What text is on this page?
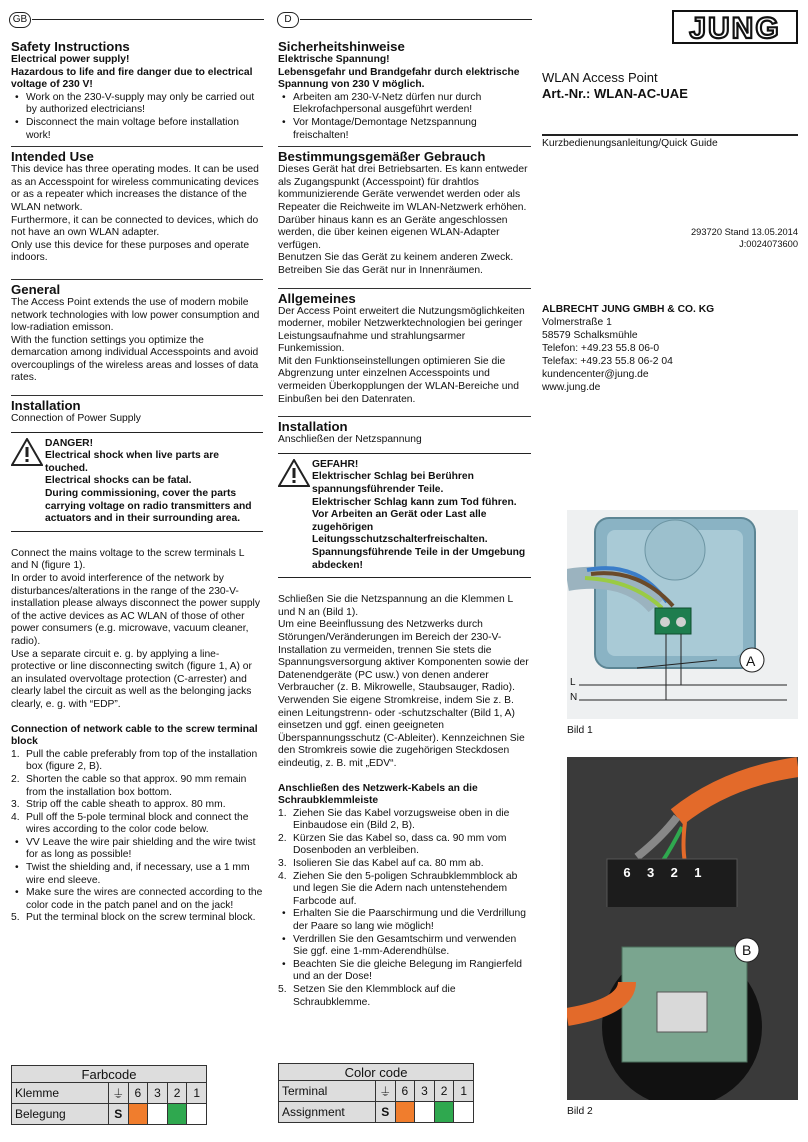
GB
Safety Instructions

Electrical power supply!

Hazardous to life and fire danger due to electrical voltage of 230 V!

• Work on the 230-V-supply may only be carried out by authorized electricians!
• Disconnect the main voltage before installation work!
Intended Use

This device has three operating modes. It can be used as an Accesspoint for wireless communicating devices or as a repeater which increases the distance of the WLAN network.

Furthermore, it can be connected to devices, which do not have an own WLAN adapter.

Only use this device for these purposes and operate indoors.

General

The Access Point extends the use of modern mobile network technologies with low power consumption and low-radiation emisson.

With the function settings you optimize the demarcation among individual Accesspoints and avoid overcouplings of the wireless areas and losses of data rates.

Installation

Connection of Power Supply

DANGER!
Electrical shock when live parts are touched.
Electrical shocks can be fatal.
During commissioning, cover the parts carrying voltage on radio transmitters and actuators and in their surrounding area.

Connect the mains voltage to the screw terminals L and N (figure 1).

In order to avoid interference of the network by disturbances/alterations in the range of the 230-V-installation please always disconnect the power supply of the active devices as AC WLAN of those of other power consumers (e.g. microwave, vacuum cleaner, radio).

Use a separate circuit e. g. by applying a line-protective or line disconnecting switch (figure 1, A) or an insulated overvoltage protection (C-arrester) and clearly label the circuit as well as the belonging jacks clearly, e. g. with “EDP”.

Connection of network cable to the screw terminal block

1. Pull the cable preferably from top of the installation box (figure 2, B).
2. Shorten the cable so that approx. 90 mm remain from the installation box bottom.
3. Strip off the cable sheath to approx. 80 mm.
4. Pull off the 5-pole terminal block and connect the wires according to the color code below.
• VV Leave the wire pair shielding and the wire twist for as long as possible!
• Twist the shielding and, if necessary, use a 1 mm wire end sleeve.
• Make sure the wires are connected according to the color code in the patch panel and on the jack!
5. Put the terminal block on the screw terminal block.
Farbcode					
Klemme	⏚	6	3	2	1
Belegung	S				
D
Sicherheitshinweise

Elektrische Spannung!

Lebensgefahr und Brandgefahr durch elektrische Spannung von 230 V möglich.

• Arbeiten am 230-V-Netz dürfen nur durch Elekrofachpersonal ausgeführt werden!
• Vor Montage/Demontage Netzspannung freischalten!
Bestimmungsgemäßer Gebrauch

Dieses Gerät hat drei Betriebsarten. Es kann entweder als Zugangspunkt (Accesspoint) für drahtlos kommunizierende Geräte verwendet werden oder als Repeater die Reichweite im WLAN-Netzwerk erhöhen. Darüber hinaus kann es an Geräte angeschlossen werden, die über keinen eigenen WLAN-Adapter verfügen.

Benutzen Sie das Gerät zu keinem anderen Zweck. Betreiben Sie das Gerät nur in Innenräumen.

Allgemeines

Der Access Point erweitert die Nutzungsmöglichkeiten moderner, mobiler Netzwerktechnologien bei geringer Leistungsaufnahme und strahlungsarmer Funkemission.

Mit den Funktionseinstellungen optimieren Sie die Abgrenzung unter einzelnen Accesspoints und vermeiden Überkopplungen der WLAN-Bereiche und Einbußen bei den Datenraten.

Installation

Anschließen der Netzspannung

GEFAHR!
Elektrischer Schlag bei Berühren spannungsführender Teile.
Elektrischer Schlag kann zum Tod führen.
Vor Arbeiten an Gerät oder Last alle zugehörigen Leitungsschutzschalterfreischalten. Spannungsführende Teile in der Umgebung abdecken!

Schließen Sie die Netzspannung an die Klemmen L und N an (Bild 1).

Um eine Beeinflussung des Netzwerks durch Störungen/Veränderungen im Bereich der 230-V-Installation zu vermeiden, trennen Sie stets die Spannungsversorgung aktiver Komponenten sowie der Datenendgeräte (PC usw.) von denen anderer Verbraucher (z. B. Mikrowelle, Staubsauger, Radio). Verwenden Sie eigene Stromkreise, indem Sie z. B. einen Leitungstrenn- oder -schutzschalter (Bild 1, A) einsetzen und ggf. einen geeigneten Überspannungsschutz (C-Ableiter). Kennzeichnen Sie den Stromkreis sowie die zugehörigen Steckdosen eindeutig, z. B. mit „EDV“.

Anschließen des Netzwerk-Kabels an die Schraubklemmleiste

1. Ziehen Sie das Kabel vorzugsweise oben in die Einbaudose ein (Bild 2, B).
2. Kürzen Sie das Kabel so, dass ca. 90 mm vom Dosenboden an verbleiben.
3. Isolieren Sie das Kabel auf ca. 80 mm ab.
4. Ziehen Sie den 5-poligen Schraubklemmblock ab und legen Sie die Adern nach untenstehendem Farbcode auf.
• Erhalten Sie die Paarschirmung und die Verdrillung der Paare so lang wie möglich!
• Verdrillen Sie den Gesamtschirm und verwenden Sie ggf. eine 1-mm-Aderendhülse.
• Beachten Sie die gleiche Belegung im Rangierfeld und an der Dose!
5. Setzen Sie den Klemmblock auf die Schraubklemme.
Color code					
Terminal	⏚	6	3	2	1
Assignment	S				
JUNG
WLAN Access Point
Art.-Nr.: WLAN-AC-UAE
Kurzbedienungsanleitung/Quick Guide
293720 Stand 13.05.2014
J:0024073600
ALBRECHT JUNG GMBH & CO. KG
Volmerstraße 1
58579 Schalksmühle
Telefon: +49.23 55.8 06-0
Telefax: +49.23 55.8 06-2 04
kundencenter@jung.de
www.jung.de
A
L
N
Bild 1
6 3 2 1
B
Bild 2
